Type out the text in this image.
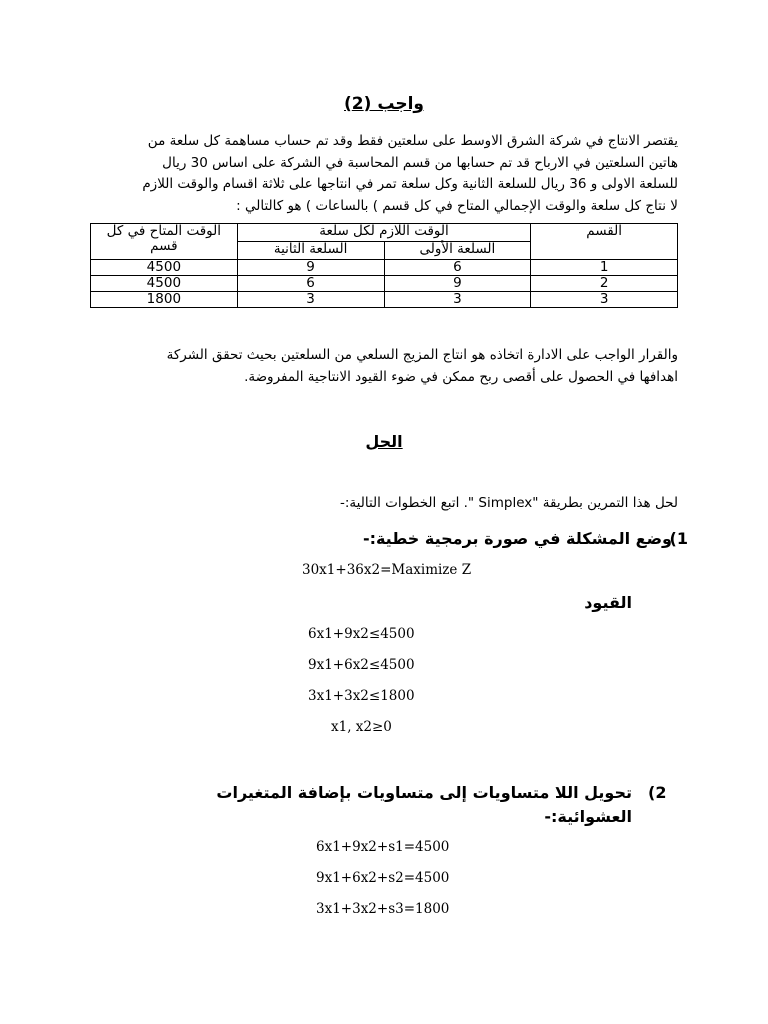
واجب (2)
يقتصر الانتاج في شركة الشرق الاوسط على سلعتين فقط وقد تم حساب مساهمة كل سلعة من
هاتين السلعتين في الارباح قد تم حسابها من قسم المحاسبة في الشركة على اساس 30 ريال
للسلعة الاولى و 36 ريال للسلعة الثانية وكل سلعة تمر في انتاجها على ثلاثة اقسام والوقت اللازم
لا نتاج كل سلعة والوقت الإجمالي المتاح في كل قسم ) بالساعات ) هو كالتالي :
القسم	الوقت اللازم لكل سلعة		الوقت المتاح في كل قسم
	السلعة الأولى	السلعة الثانية	
1	6	9	4500
2	9	6	4500
3	3	3	1800
والقرار الواجب على الادارة اتخاذه هو انتاج المزيج السلعي من السلعتين بحيث تحقق الشركة
اهدافها في الحصول على أقصى ربح ممكن في ضوء القيود الانتاجية المفروضة.
الحل
لحل هذا التمرين بطريقة "Simplex ". اتبع الخطوات التالية:-
وضع المشكلة في صورة برمجية خطية:-
(1
30x1+36x2=Maximize Z
القيود
6x1+9x2≤4500
9x1+6x2≤4500
3x1+3x2≤1800
x1, x2≥0
تحويل اللا متساويات إلى متساويات بإضافة المتغيرات
العشوائية:-
(2
6x1+9x2+s1=4500
9x1+6x2+s2=4500
3x1+3x2+s3=1800
